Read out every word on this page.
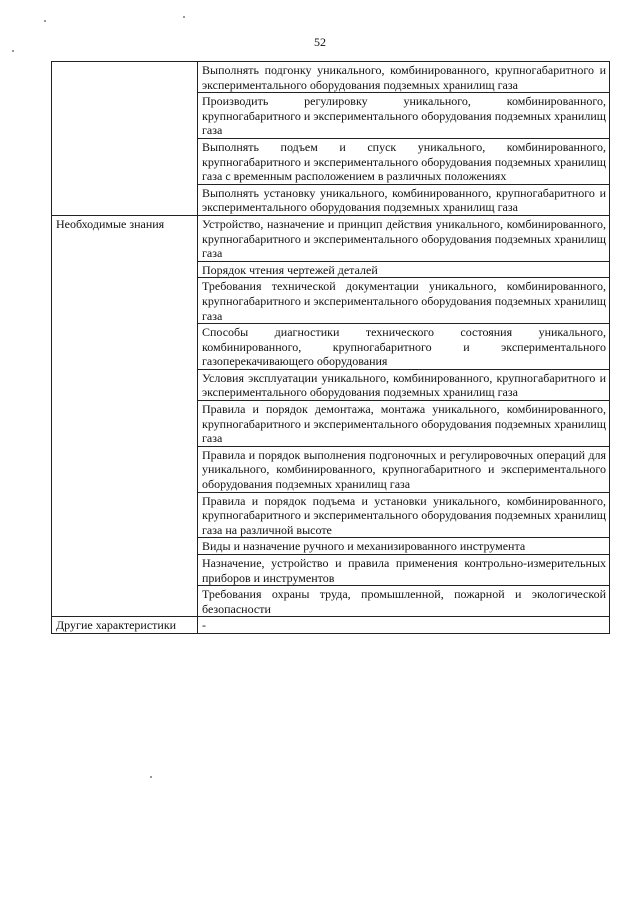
52
	Выполнять подгонку уникального, комбинированного, крупногабаритного и экспериментального оборудования подземных хранилищ газа
	Производить регулировку уникального, комбинированного, крупногабаритного и экспериментального оборудования подземных хранилищ газа
	Выполнять подъем и спуск уникального, комбинированного, крупногабаритного и экспериментального оборудования подземных хранилищ газа с временным расположением в различных положениях
	Выполнять установку уникального, комбинированного, крупногабаритного и экспериментального оборудования подземных хранилищ газа
Необходимые знания	Устройство, назначение и принцип действия уникального, комбинированного, крупногабаритного и экспериментального оборудования подземных хранилищ газа
	Порядок чтения чертежей деталей
	Требования технической документации уникального, комбинированного, крупногабаритного и экспериментального оборудования подземных хранилищ газа
	Способы диагностики технического состояния уникального, комбинированного, крупногабаритного и экспериментального газоперекачивающего оборудования
	Условия эксплуатации уникального, комбинированного, крупногабаритного и экспериментального оборудования подземных хранилищ газа
	Правила и порядок демонтажа, монтажа уникального, комбинированного, крупногабаритного и экспериментального оборудования подземных хранилищ газа
	Правила и порядок выполнения подгоночных и регулировочных операций для уникального, комбинированного, крупногабаритного и экспериментального оборудования подземных хранилищ газа
	Правила и порядок подъема и установки уникального, комбинированного, крупногабаритного и экспериментального оборудования подземных хранилищ газа на различной высоте
	Виды и назначение ручного и механизированного инструмента
	Назначение, устройство и правила применения контрольно-измерительных приборов и инструментов
	Требования охраны труда, промышленной, пожарной и экологической безопасности
Другие характеристики	-
